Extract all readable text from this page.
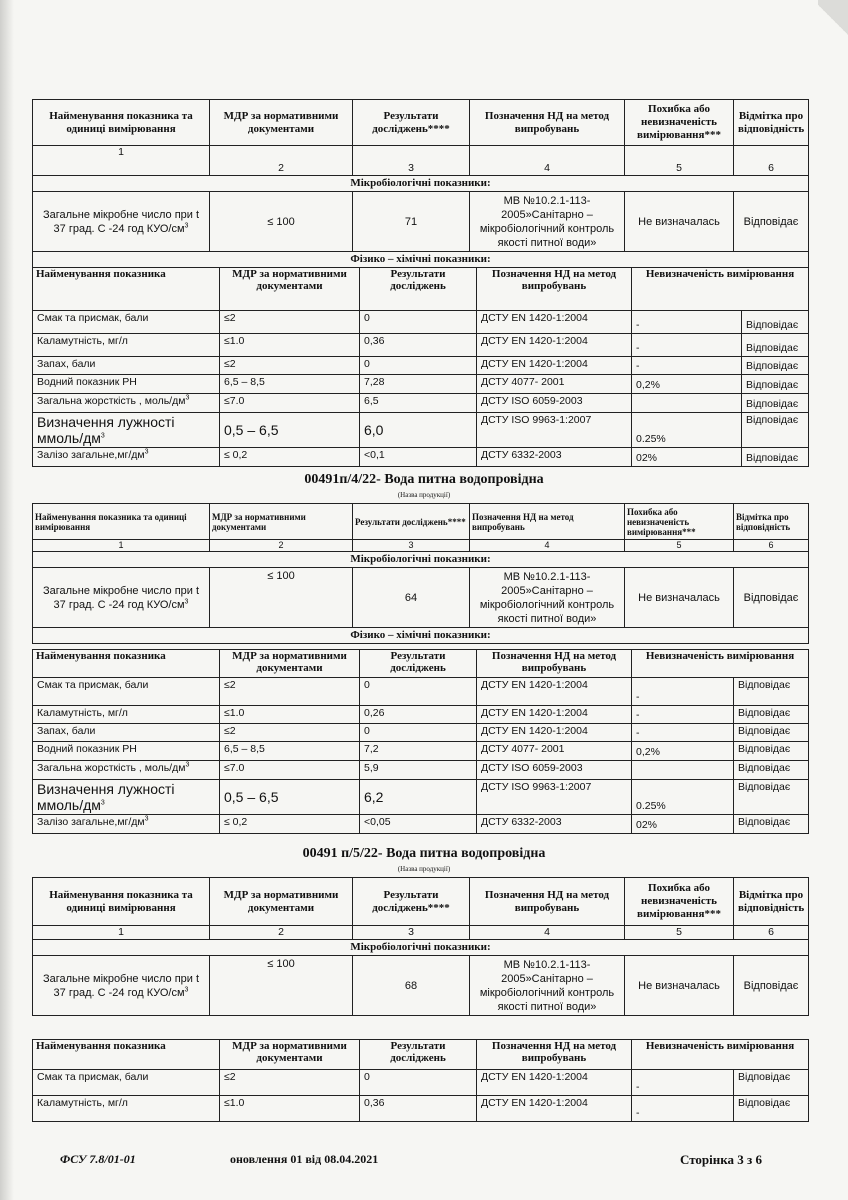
Найменування показника та одиниці вимірювання	МДР за нормативними документами	Результати досліджень****	Позначення НД на метод випробувань	Похибка або невизначеність вимірювання***	Відмітка про відповідність
1	2	3	4	5	6
Мікробіологічні показники:					
Загальне мікробне число при t 37 град. С -24 год КУО/$см^3$	≤ 100	71	МВ №10.2.1-113-2005»Санітарно – мікробіологічний контроль якості питної води»	Не визначалась	Відповідає
Фізико – хімічні показники:					
Найменування показника	МДР за нормативними документами	Результати досліджень	Позначення НД на метод випробувань	Невизначеність вимірювання	
Смак та присмак, бали	≤2	0	ДСТУ EN 1420-1:2004	-	Відповідає
Каламутність, мг/л	≤1.0	0,36	ДСТУ EN 1420-1:2004	-	Відповідає
Запах, бали	≤2	0	ДСТУ EN 1420-1:2004	-	Відповідає
Водний показник РН	6,5 – 8,5	7,28	ДСТУ 4077- 2001	0,2%	Відповідає
Загальна жорсткість , моль/$дм^3$	≤7.0	6,5	ДСТУ ISO 6059-2003		Відповідає
Визначення лужності ммоль/$дм^3$	0,5 – 6,5	6,0	ДСТУ ISO 9963-1:2007	0.25%	Відповідає
Залізо $загальне,мг/дм^3$	≤ 0,2	<0,1	ДСТУ 6332-2003	02%	Відповідає
00491п/4/22- Вода питна водопровідна
(Назва продукції)
Найменування показника та одиниці вимірювання	МДР за нормативними документами	Результати досліджень****	Позначення НД на метод випробувань	Похибка або невизначеність вимірювання***	Відмітка про відповідність
1	2	3	4	5	6
Мікробіологічні показники:					
Загальне мікробне число при t 37 град. С -24 год КУО/$см^3$	≤ 100	64	МВ №10.2.1-113-2005»Санітарно – мікробіологічний контроль якості питної води»	Не визначалась	Відповідає
Фізико – хімічні показники:					
Найменування показника	МДР за нормативними документами	Результати досліджень	Позначення НД на метод випробувань	Невизначеність вимірювання	
Смак та присмак, бали	≤2	0	ДСТУ EN 1420-1:2004	-	Відповідає
Каламутність, мг/л	≤1.0	0,26	ДСТУ EN 1420-1:2004	-	Відповідає
Запах, бали	≤2	0	ДСТУ EN 1420-1:2004	-	Відповідає
Водний показник РН	6,5 – 8,5	7,2	ДСТУ 4077- 2001	0,2%	Відповідає
Загальна жорсткість , моль/$дм^3$	≤7.0	5,9	ДСТУ ISO 6059-2003		Відповідає
Визначення лужності ммоль/$дм^3$	0,5 – 6,5	6,2	ДСТУ ISO 9963-1:2007	0.25%	Відповідає
Залізо $загальне,мг/дм^3$	≤ 0,2	<0,05	ДСТУ 6332-2003	02%	Відповідає
00491 п/5/22- Вода питна водопровідна
(Назва продукції)
Найменування показника та одиниці вимірювання	МДР за нормативними документами	Результати досліджень****	Позначення НД на метод випробувань	Похибка або невизначеність вимірювання***	Відмітка про відповідність
1	2	3	4	5	6
Мікробіологічні показники:					
Загальне мікробне число при t 37 град. С -24 год КУО/$см^3$	≤ 100	68	МВ №10.2.1-113-2005»Санітарно – мікробіологічний контроль якості питної води»	Не визначалась	Відповідає
Найменування показника	МДР за нормативними документами	Результати досліджень	Позначення НД на метод випробувань	Невизначеність вимірювання	
Смак та присмак, бали	≤2	0	ДСТУ EN 1420-1:2004	-	Відповідає
Каламутність, мг/л	≤1.0	0,36	ДСТУ EN 1420-1:2004	-	Відповідає
ФСУ 7.8/01-01	оновлення 01 від 08.04.2021	Сторінка 3 з 6
